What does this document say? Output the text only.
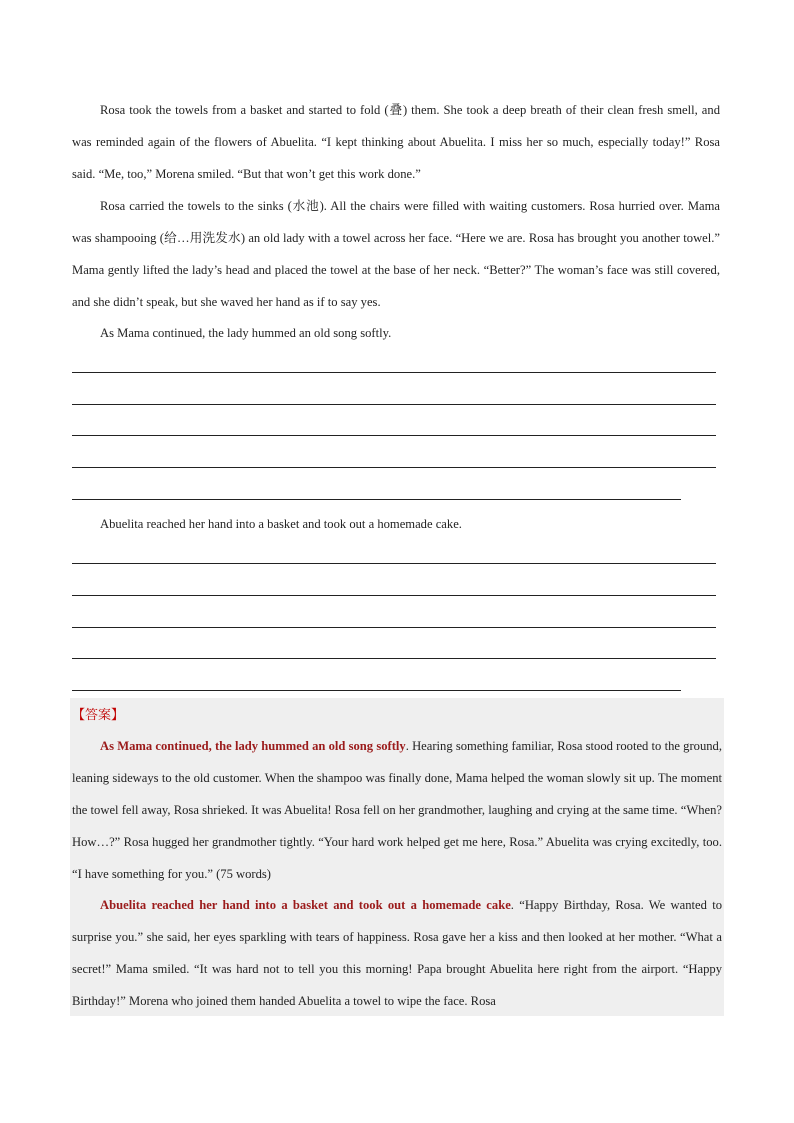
Rosa took the towels from a basket and started to fold (叠) them. She took a deep breath of their clean fresh smell, and was reminded again of the flowers of Abuelita. “I kept thinking about Abuelita. I miss her so much, especially today!” Rosa said. “Me, too,” Morena smiled. “But that won’t get this work done.”

Rosa carried the towels to the sinks (水池). All the chairs were filled with waiting customers. Rosa hurried over. Mama was shampooing (给…用洗发水) an old lady with a towel across her face. “Here we are. Rosa has brought you another towel.” Mama gently lifted the lady’s head and placed the towel at the base of her neck. “Better?” The woman’s face was still covered, and she didn’t speak, but she waved her hand as if to say yes.

As Mama continued, the lady hummed an old song softly.

Abuelita reached her hand into a basket and took out a homemade cake.

【答案】

As Mama continued, the lady hummed an old song softly. Hearing something familiar, Rosa stood rooted to the ground, leaning sideways to the old customer. When the shampoo was finally done, Mama helped the woman slowly sit up. The moment the towel fell away, Rosa shrieked. It was Abuelita! Rosa fell on her grandmother, laughing and crying at the same time. “When? How…?” Rosa hugged her grandmother tightly. “Your hard work helped get me here, Rosa.” Abuelita was crying excitedly, too. “I have something for you.” (75 words)

Abuelita reached her hand into a basket and took out a homemade cake. “Happy Birthday, Rosa. We wanted to surprise you.” she said, her eyes sparkling with tears of happiness. Rosa gave her a kiss and then looked at her mother. “What a secret!” Mama smiled. “It was hard not to tell you this morning! Papa brought Abuelita here right from the airport. “Happy Birthday!” Morena who joined them handed Abuelita a towel to wipe the face. Rosa
